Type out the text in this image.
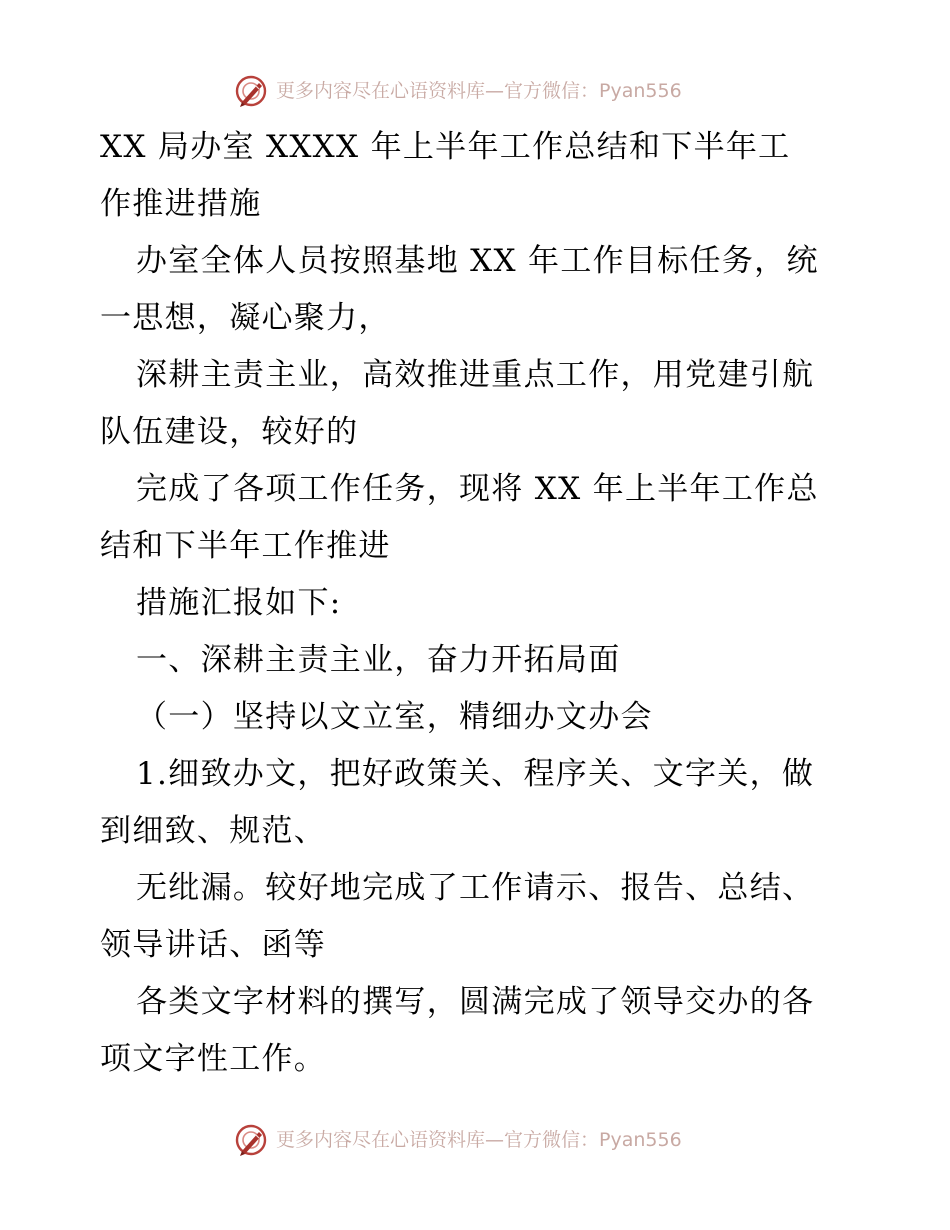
更多内容尽在心语资料库—官方微信：Pyan556

XX 局办室 XXXX 年上半年工作总结和下半年工

作推进措施

办室全体人员按照基地 XX 年工作目标任务，统

一思想，凝心聚力，

深耕主责主业，高效推进重点工作，用党建引航

队伍建设，较好的

完成了各项工作任务，现将 XX 年上半年工作总

结和下半年工作推进

措施汇报如下:

一、深耕主责主业，奋力开拓局面

（一）坚持以文立室，精细办文办会

1.细致办文，把好政策关、程序关、文字关，做

到细致、规范、

无纰漏。较好地完成了工作请示、报告、总结、

领导讲话、函等

各类文字材料的撰写，圆满完成了领导交办的各

项文字性工作。

更多内容尽在心语资料库—官方微信：Pyan556
